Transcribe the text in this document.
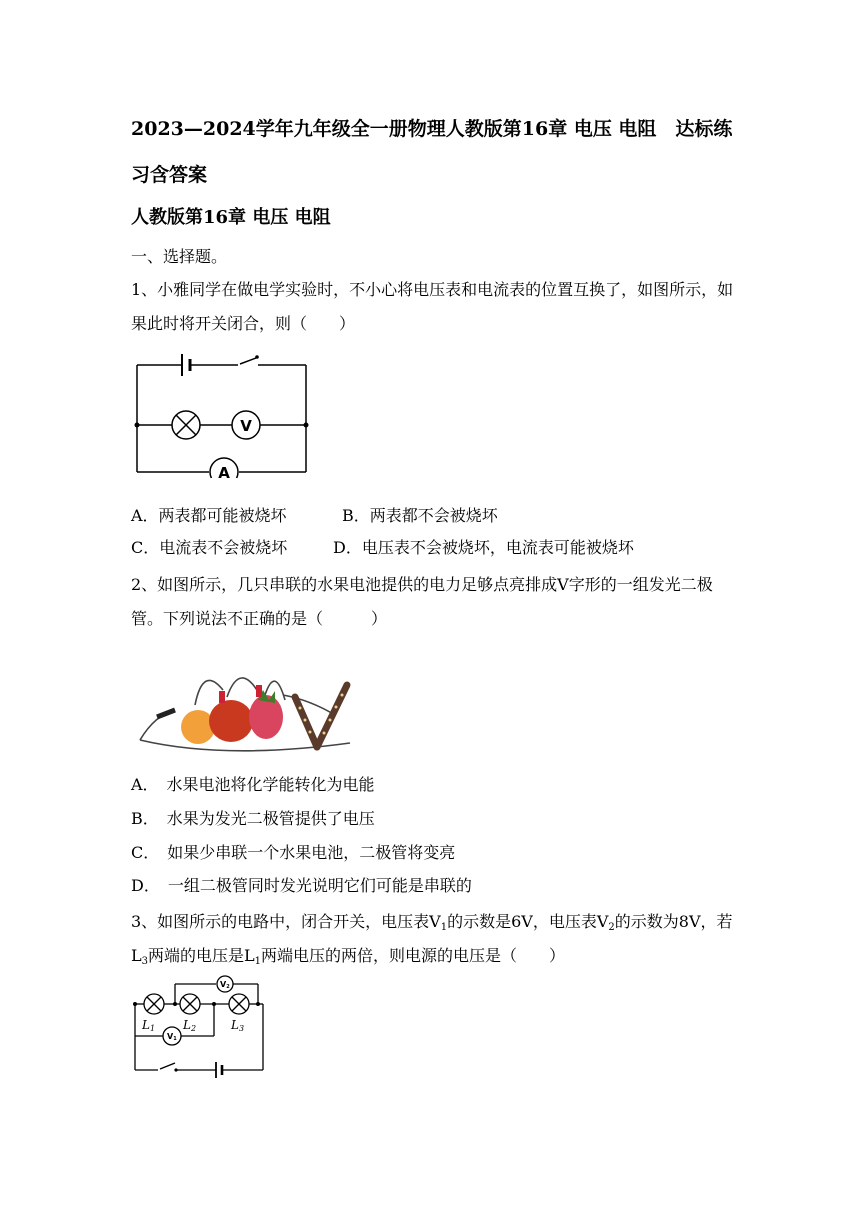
2023—2024学年九年级全一册物理人教版第16章 电压 电阻　达标练习含答案
人教版第16章 电压 电阻
一、选择题。
1、小雅同学在做电学实验时，不小心将电压表和电流表的位置互换了，如图所示，如果此时将开关闭合，则（　　）
V
A
A．两表都可能被烧坏	B．两表都不会被烧坏
C．电流表不会被烧坏	D．电压表不会被烧坏，电流表可能被烧坏
2、如图所示，几只串联的水果电池提供的电力足够点亮排成V字形的一组发光二极管。下列说法不正确的是（　　　）
A．　水果电池将化学能转化为电能
B．　水果为发光二极管提供了电压
C．　如果少串联一个水果电池，二极管将变亮
D．　一组二极管同时发光说明它们可能是串联的
3、如图所示的电路中，闭合开关，电压表$V_1$的示数是6V，电压表$V_2$的示数为8V，若$L_3$两端的电压是$L_1$两端电压的两倍，则电源的电压是（　　）
L1 L2	L3
V1
V2
